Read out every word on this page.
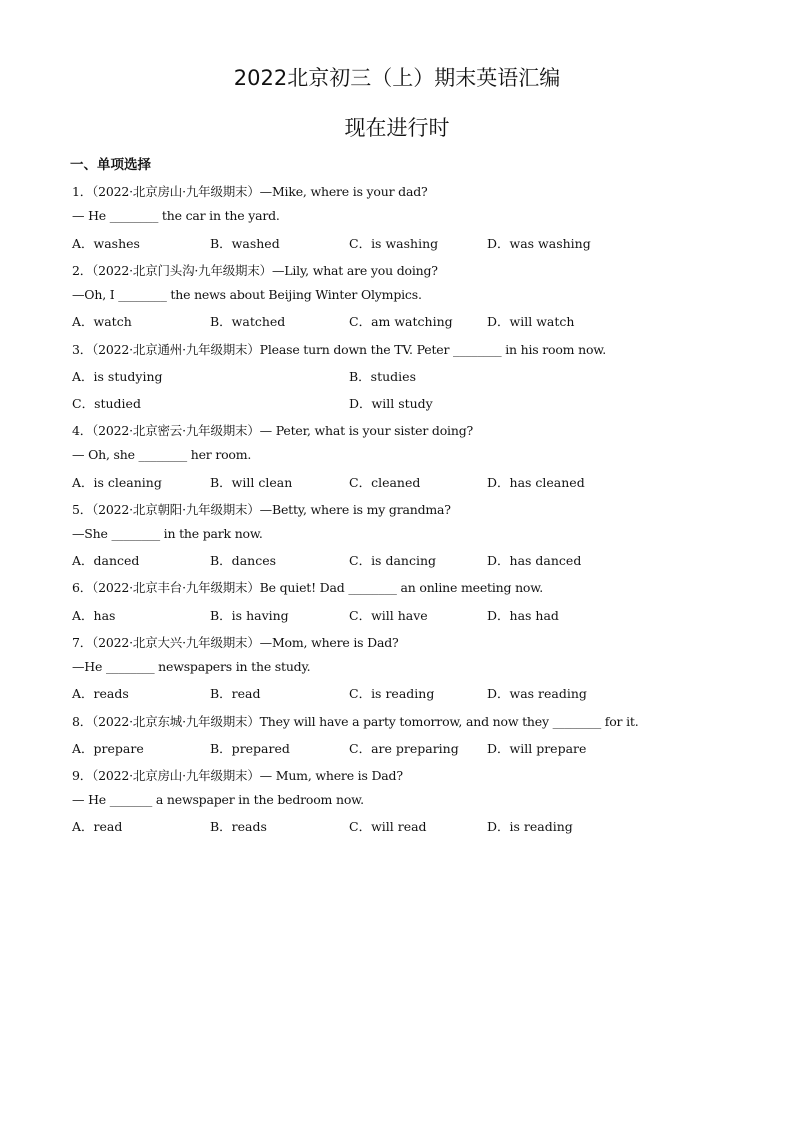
2022北京初三（上）期末英语汇编
现在进行时
一、单项选择
1．（2022·北京房山·九年级期末）—Mike, where is your dad?
— He ________ the car in the yard.
A．washes	B．washed	C．is washing	D．was washing
2．（2022·北京门头沟·九年级期末）—Lily, what are you doing?
—Oh, I ________ the news about Beijing Winter Olympics.
A．watch	B．watched	C．am watching	D．will watch
3．（2022·北京通州·九年级期末）Please turn down the TV. Peter ________ in his room now.
A．is studying	B．studies
C．studied	D．will study
4．（2022·北京密云·九年级期末）— Peter, what is your sister doing?
— Oh, she ________ her room.
A．is cleaning	B．will clean	C．cleaned	D．has cleaned
5．（2022·北京朝阳·九年级期末）—Betty, where is my grandma?
—She ________ in the park now.
A．danced	B．dances	C．is dancing	D．has danced
6．（2022·北京丰台·九年级期末）Be quiet! Dad ________ an online meeting now.
A．has	B．is having	C．will have	D．has had
7．（2022·北京大兴·九年级期末）—Mom, where is Dad?
—He ________ newspapers in the study.
A．reads	B．read	C．is reading	D．was reading
8．（2022·北京东城·九年级期末）They will have a party tomorrow, and now they ________ for it.
A．prepare	B．prepared	C．are preparing D．will prepare
9．（2022·北京房山·九年级期末）— Mum, where is Dad?
— He _______ a newspaper in the bedroom now.
A．read	B．reads	C．will read	D．is reading
